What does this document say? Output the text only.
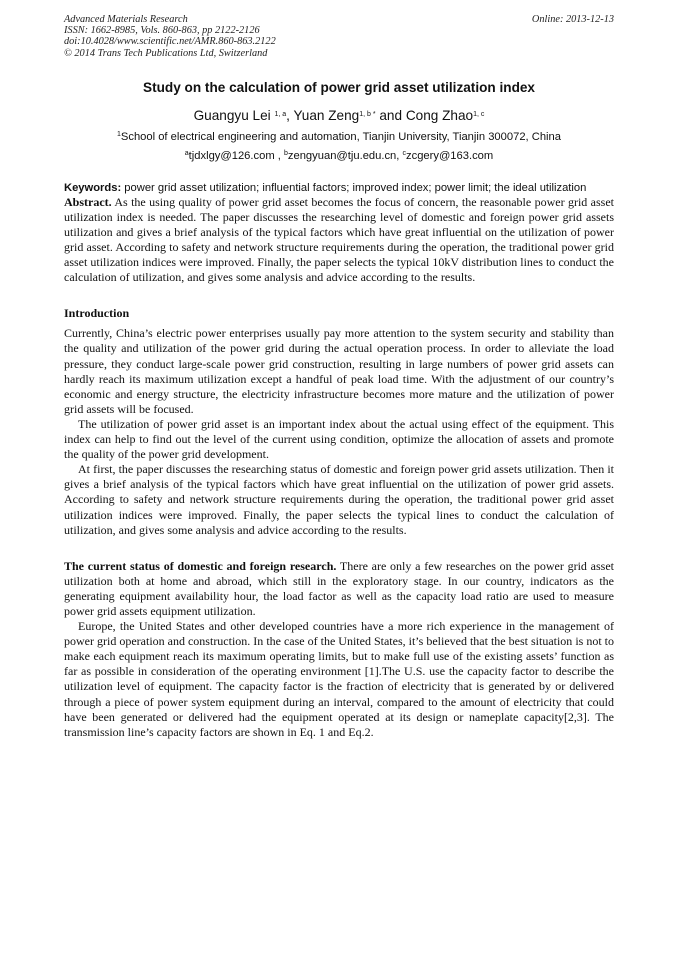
Advanced Materials Research	Online: 2013-12-13
ISSN: 1662-8985, Vols. 860-863, pp 2122-2126
doi:10.4028/www.scientific.net/AMR.860-863.2122
© 2014 Trans Tech Publications Ltd, Switzerland
Study on the calculation of power grid asset utilization index
Guangyu Lei $^{1, a}$, Yuan Zeng$^{1, b *}$ and Cong Zhao$^{1, c}$
$^1$School of electrical engineering and automation, Tianjin University, Tianjin 300072, China
$^a$tjdxlgy@126.com , $^b$zengyuan@tju.edu.cn, $^c$zcgery@163.com
Keywords: power grid asset utilization; influential factors; improved index; power limit; the ideal utilization

Abstract. As the using quality of power grid asset becomes the focus of concern, the reasonable power grid asset utilization index is needed. The paper discusses the researching level of domestic and foreign power grid assets utilization and gives a brief analysis of the typical factors which have great influential on the utilization of power grid asset. According to safety and network structure requirements during the operation, the traditional power grid asset utilization indices were improved. Finally, the paper selects the typical 10kV distribution lines to conduct the calculation of utilization, and gives some analysis and advice according to the results.

Introduction

Currently, China’s electric power enterprises usually pay more attention to the system security and stability than the quality and utilization of the power grid during the actual operation process. In order to alleviate the load pressure, they conduct large-scale power grid construction, resulting in large numbers of power grid assets can hardly reach its maximum utilization except a handful of peak load time. With the adjustment of our country’s economic and energy structure, the electricity infrastructure becomes more mature and the utilization of power grid assets will be focused.

The utilization of power grid asset is an important index about the actual using effect of the equipment. This index can help to find out the level of the current using condition, optimize the allocation of assets and promote the quality of the power grid development.

At first, the paper discusses the researching status of domestic and foreign power grid assets utilization. Then it gives a brief analysis of the typical factors which have great influential on the utilization of power grid assets. According to safety and network structure requirements during the operation, the traditional power grid asset utilization indices were improved. Finally, the paper selects the typical lines to conduct the calculation of utilization, and gives some analysis and advice according to the results.

The current status of domestic and foreign research. There are only a few researches on the power grid asset utilization both at home and abroad, which still in the exploratory stage. In our country, indicators as the generating equipment availability hour, the load factor as well as the capacity load ratio are used to measure power grid assets equipment utilization.

Europe, the United States and other developed countries have a more rich experience in the management of power grid operation and construction. In the case of the United States, it’s believed that the best situation is not to make each equipment reach its maximum operating limits, but to make full use of the existing assets’ function as far as possible in consideration of the operating environment [1].The U.S. use the capacity factor to describe the utilization level of equipment. The capacity factor is the fraction of electricity that is generated by or delivered through a piece of power system equipment during an interval, compared to the amount of electricity that could have been generated or delivered had the equipment operated at its design or nameplate capacity[2,3]. The transmission line’s capacity factors are shown in Eq. 1 and Eq.2.
